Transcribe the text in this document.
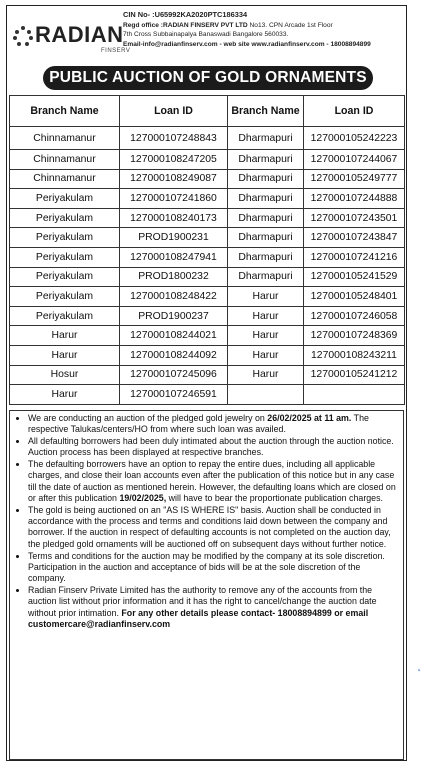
RADIAN
FINSERV
CIN No- :U65992KA2020PTC186334
Regd office :RADIAN FINSERV PVT LTD No13. CPN Arcade 1st Floor
7th Cross Subbainapalya Banaswadi Bangalore 560033.
Email-info@radianfinserv.com - web site www.radianfinserv.com - 18008894899
PUBLIC AUCTION OF GOLD ORNAMENTS
Branch Name	Loan ID	Branch Name	Loan ID
Chinnamanur	127000107248843	Dharmapuri	127000105242223
Chinnamanur	127000108247205	Dharmapuri	127000107244067
Chinnamanur	127000108249087	Dharmapuri	127000105249777
Periyakulam	127000107241860	Dharmapuri	127000107244888
Periyakulam	127000108240173	Dharmapuri	127000107243501
Periyakulam	PROD1900231	Dharmapuri	127000107243847
Periyakulam	127000108247941	Dharmapuri	127000107241216
Periyakulam	PROD1800232	Dharmapuri	127000105241529
Periyakulam	127000108248422	Harur	127000105248401
Periyakulam	PROD1900237	Harur	127000107246058
Harur	127000108244021	Harur	127000107248369
Harur	127000108244092	Harur	127000108243211
Hosur	127000107245096	Harur	127000105241212
Harur	127000107246591		
• We are conducting an auction of the pledged gold jewelry on 26/02/2025 at 11 am. The respective Talukas/centers/HO from where such loan was availed.
• All defaulting borrowers had been duly intimated about the auction through the auction notice. Auction process has been displayed at respective branches.
• The defaulting borrowers have an option to repay the entire dues, including all applicable charges, and close their loan accounts even after the publication of this notice but in any case till the date of auction as mentioned herein. However, the defaulting loans which are closed on or after this publication 19/02/2025, will have to bear the proportionate publication charges.
• The gold is being auctioned on an "AS IS WHERE IS" basis. Auction shall be conducted in accordance with the process and terms and conditions laid down between the company and borrower. If the auction in respect of defaulting accounts is not completed on the auction day, the pledged gold ornaments will be auctioned off on subsequent days without further notice.
• Terms and conditions for the auction may be modified by the company at its sole discretion. Participation in the auction and acceptance of bids will be at the sole discretion of the company.
• Radian Finserv Private Limited has the authority to remove any of the accounts from the auction list without prior information and it has the right to cancel/change the auction date without prior intimation. For any other details please contact- 18008894899 or email customercare@radianfinserv.com
˛
